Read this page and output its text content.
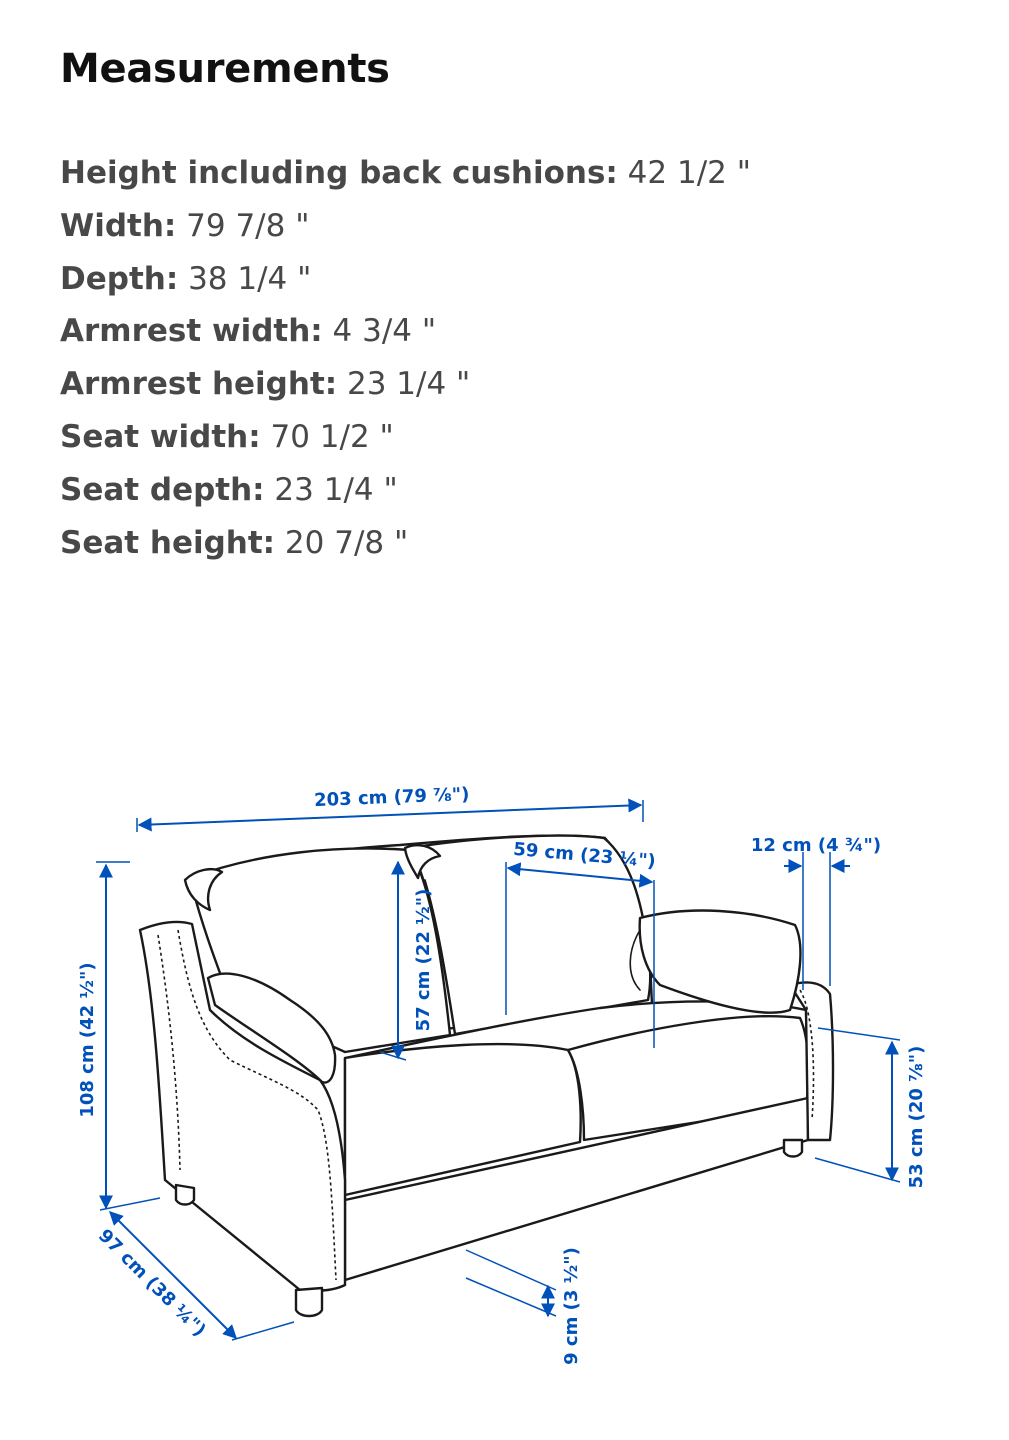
Measurements
Height including back cushions: 42 1/2 "
Width: 79 7/8 "
Depth: 38 1/4 "
Armrest width: 4 3/4 "
Armrest height: 23 1/4 "
Seat width: 70 1/2 "
Seat depth: 23 1/4 "
Seat height: 20 7/8 "
203 cm (79 ⅞")
59 cm (23 ¼")	12 cm (4 ¾")
57 cm (22 ½")
108 cm (42 ½")	53 cm (20 ⅞")
97 cm (38 ¼")	9 cm (3 ½")
